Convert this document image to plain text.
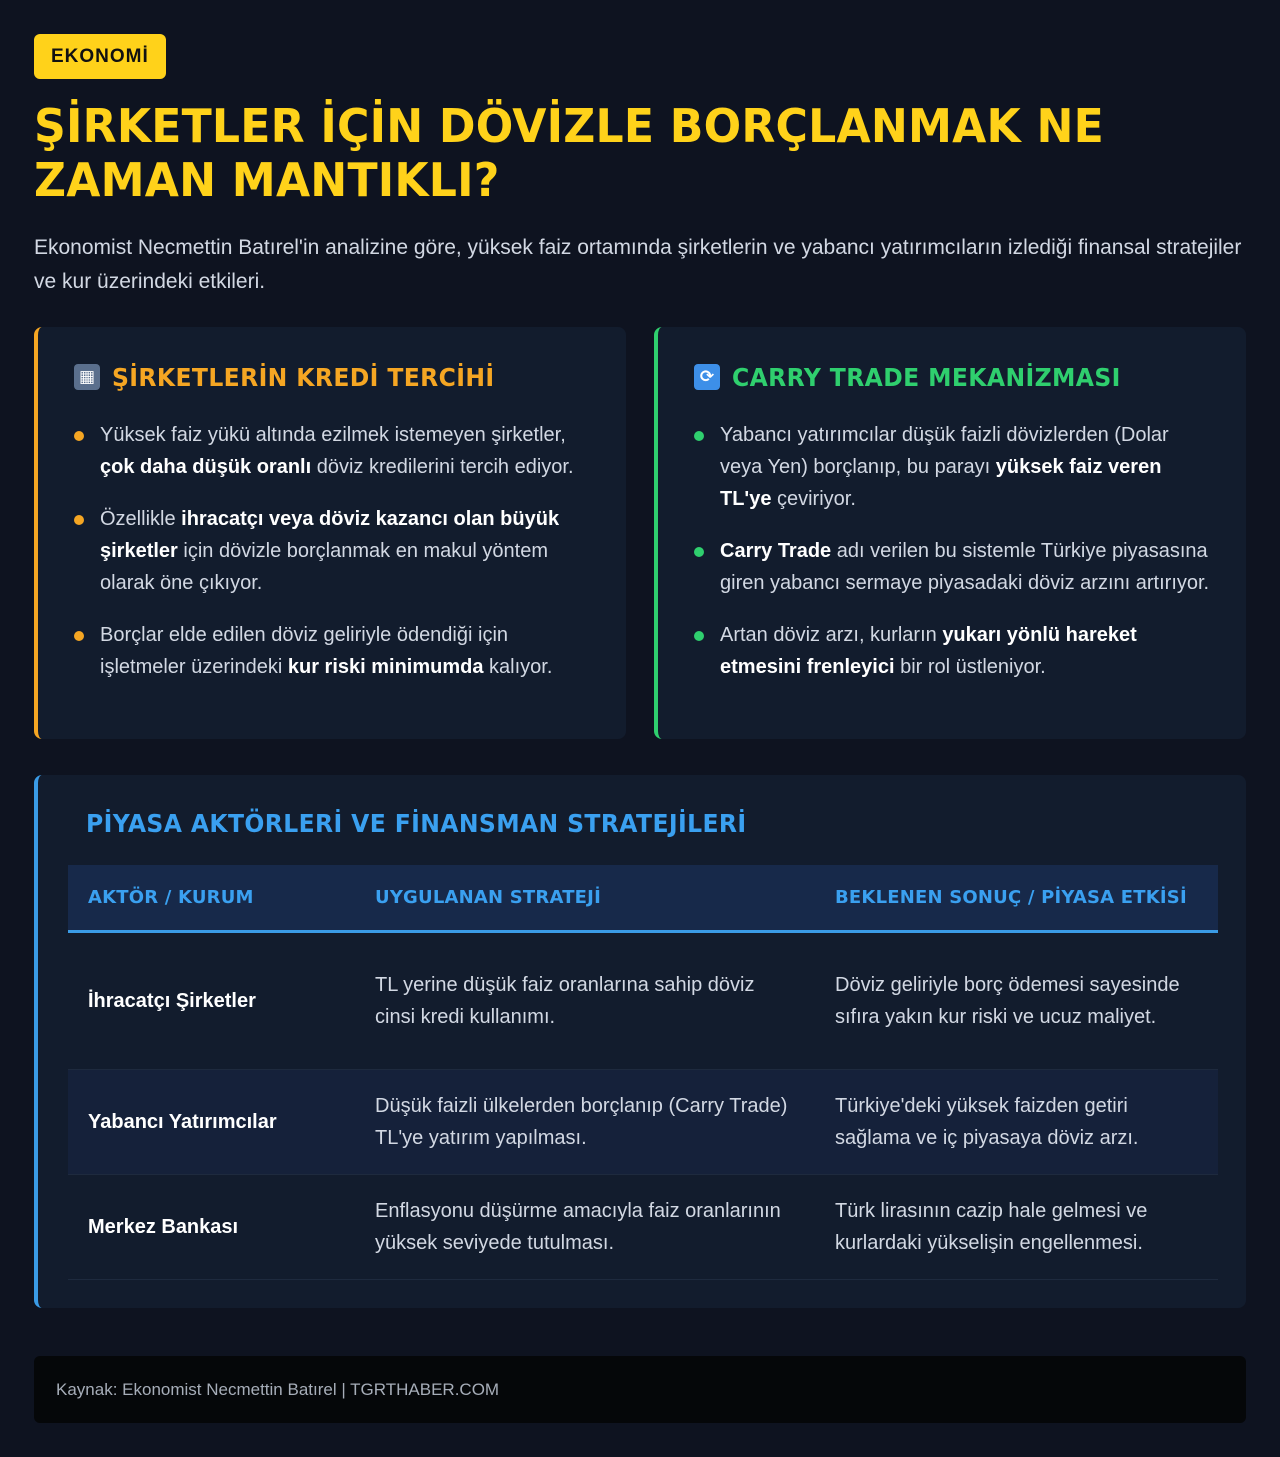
EKONOMİ
ŞİRKETLER İÇİN DÖVİZLE BORÇLANMAK NE ZAMAN MANTIKLI?

Ekonomist Necmettin Batırel'in analizine göre, yüksek faiz ortamında şirketlerin ve yabancı yatırımcıların izlediği finansal stratejiler ve kur üzerindeki etkileri.

▦ ŞİRKETLERİN KREDİ TERCİHİ
Yüksek faiz yükü altında ezilmek istemeyen şirketler, çok daha düşük oranlı döviz kredilerini tercih ediyor.
Özellikle ihracatçı veya döviz kazancı olan büyük şirketler için dövizle borçlanmak en makul yöntem olarak öne çıkıyor.
Borçlar elde edilen döviz geliriyle ödendiği için işletmeler üzerindeki kur riski minimumda kalıyor.
⟳ CARRY TRADE MEKANİZMASI
Yabancı yatırımcılar düşük faizli dövizlerden (Dolar veya Yen) borçlanıp, bu parayı yüksek faiz veren TL'ye çeviriyor.
Carry Trade adı verilen bu sistemle Türkiye piyasasına giren yabancı sermaye piyasadaki döviz arzını artırıyor.
Artan döviz arzı, kurların yukarı yönlü hareket etmesini frenleyici bir rol üstleniyor.
PİYASA AKTÖRLERİ VE FİNANSMAN STRATEJİLERİ
AKTÖR / KURUM	UYGULANAN STRATEJİ	BEKLENEN SONUÇ / PİYASA ETKİSİ
İhracatçı Şirketler	TL yerine düşük faiz oranlarına sahip döviz cinsi kredi kullanımı.	Döviz geliriyle borç ödemesi sayesinde sıfıra yakın kur riski ve ucuz maliyet.
Yabancı Yatırımcılar	Düşük faizli ülkelerden borçlanıp (Carry Trade) TL'ye yatırım yapılması.	Türkiye'deki yüksek faizden getiri sağlama ve iç piyasaya döviz arzı.
Merkez Bankası	Enflasyonu düşürme amacıyla faiz oranlarının yüksek seviyede tutulması.	Türk lirasının cazip hale gelmesi ve kurlardaki yükselişin engellenmesi.
Kaynak: Ekonomist Necmettin Batırel | TGRTHABER.COM
